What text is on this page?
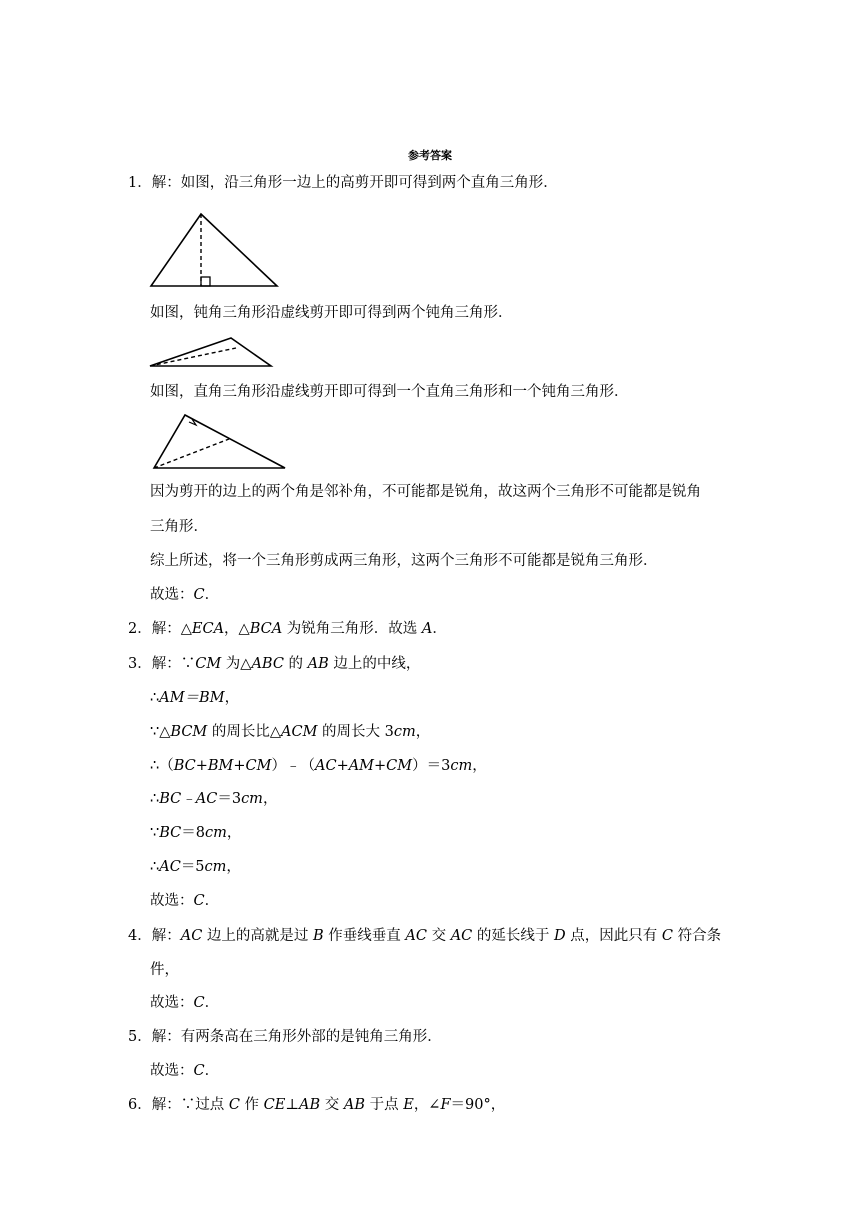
参考答案
1．解：如图，沿三角形一边上的高剪开即可得到两个直角三角形．
如图，钝角三角形沿虚线剪开即可得到两个钝角三角形．
如图，直角三角形沿虚线剪开即可得到一个直角三角形和一个钝角三角形．
因为剪开的边上的两个角是邻补角，不可能都是锐角，故这两个三角形不可能都是锐角
三角形．
综上所述，将一个三角形剪成两三角形，这两个三角形不可能都是锐角三角形．
故选：C．
2．解：△ECA，△BCA 为锐角三角形．故选 A．
3．解：∵CM 为△ABC 的 AB 边上的中线，
∴AM＝BM，
∵△BCM 的周长比△ACM 的周长大 3cm，
∴（BC+BM+CM）﹣（AC+AM+CM）＝3cm，
∴BC﹣AC＝3cm，
∵BC＝8cm，
∴AC＝5cm，
故选：C．
4．解：AC 边上的高就是过 B 作垂线垂直 AC 交 AC 的延长线于 D 点，因此只有 C 符合条
件，
故选：C．
5．解：有两条高在三角形外部的是钝角三角形．
故选：C．
6．解：∵过点 C 作 CE⊥AB 交 AB 于点 E，∠F＝90°，
